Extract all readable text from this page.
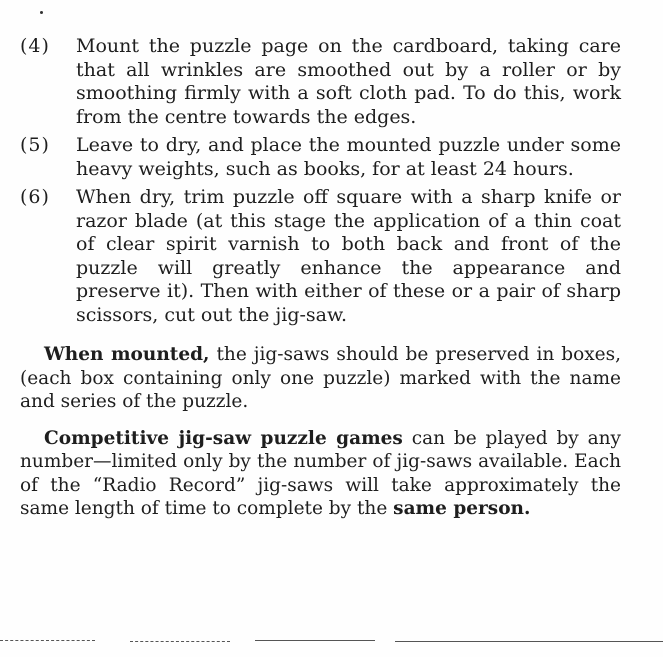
(4)	Mount the puzzle page on the cardboard, taking care that all wrinkles are smoothed out by a roller or by smoothing firmly with a soft cloth pad. To do this, work from the centre towards the edges.
(5)	Leave to dry, and place the mounted puzzle under some heavy weights, such as books, for at least 24 hours.
(6)	When dry, trim puzzle off square with a sharp knife or razor blade (at this stage the application of a thin coat of clear spirit varnish to both back and front of the puzzle will greatly enhance the appearance and preserve it). Then with either of these or a pair of sharp scissors, cut out the jig-saw.

When mounted, the jig-saws should be preserved in boxes, (each box containing only one puzzle) marked with the name and series of the puzzle.

Competitive jig-saw puzzle games can be played by any number—limited only by the number of jig-saws available. Each of the “Radio Record” jig-saws will take approximately the same length of time to complete by the same person.
